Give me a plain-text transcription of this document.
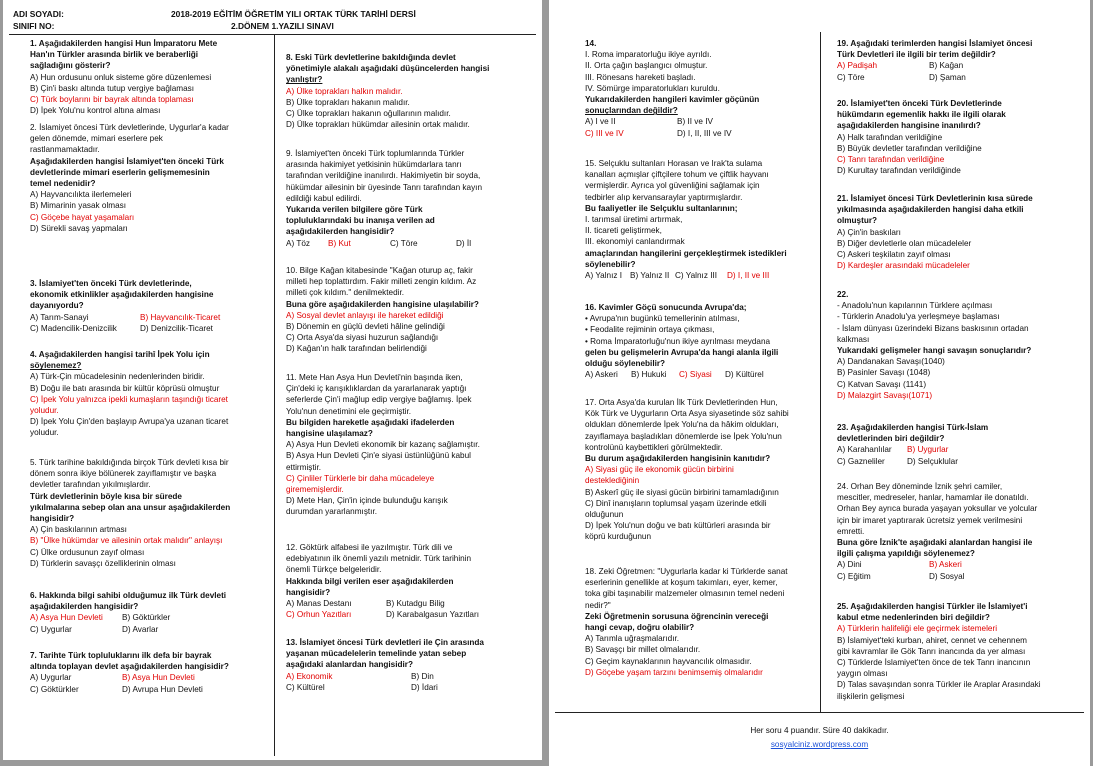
ADI SOYADI:
SINIFI NO:
2018-2019 EĞİTİM ÖĞRETİM YILI ORTAK TÜRK TARİHİ DERSİ
2.DÖNEM 1.YAZILI SINAVI
1. Aşağıdakilerden hangisi Hun İmparatoru Mete
Han'ın Türkler arasında birlik ve beraberliği
sağladığını gösterir?
A) Hun ordusunu onluk sisteme göre düzenlemesi
B) Çin'i baskı altında tutup vergiye bağlaması
C) Türk boylarını bir bayrak altında toplaması
D) İpek Yolu'nu kontrol altına alması
2. İslamiyet öncesi Türk devletlerinde, Uygurlar'a kadar
gelen dönemde, mimari eserlere pek
rastlanmamaktadır.
Aşağıdakilerden hangisi İslamiyet'ten önceki Türk
devletlerinde mimari eserlerin gelişmemesinin
temel nedenidir?
A) Hayvancılıkta ilerlemeleri
B) Mimarinin yasak olması
C) Göçebe hayat yaşamaları
D) Sürekli savaş yapmaları
3. İslamiyet'ten önceki Türk devletlerinde,
ekonomik etkinlikler aşağıdakilerden hangisine
dayanıyordu?
A) Tarım-Sanayi	B) Hayvancılık-Ticaret
C) Madencilik-Denizcilik	D) Denizcilik-Ticaret
4. Aşağıdakilerden hangisi tarihî İpek Yolu için
söylenemez?
A) Türk-Çin mücadelesinin nedenlerinden biridir.
B) Doğu ile batı arasında bir kültür köprüsü olmuştur
C) İpek Yolu yalnızca ipekli kumaşların taşındığı ticaret
yoludur.
D) İpek Yolu Çin'den başlayıp Avrupa'ya uzanan ticaret
yoludur.
5. Türk tarihine bakıldığında birçok Türk devleti kısa bir
dönem sonra ikiye bölünerek zayıflamıştır ve başka
devletler tarafından yıkılmışlardır.
Türk devletlerinin böyle kısa bir sürede
yıkılmalarına sebep olan ana unsur aşağıdakilerden
hangisidir?
A) Çin baskılarının artması
B) "Ülke hükümdar ve ailesinin ortak malıdır" anlayışı
C) Ülke ordusunun zayıf olması
D) Türklerin savaşçı özelliklerinin olması
6. Hakkında bilgi sahibi olduğumuz ilk Türk devleti
aşağıdakilerden hangisidir?
A) Asya Hun Devleti	B) Göktürkler
C) Uygurlar	D) Avarlar
7. Tarihte Türk topluluklarını ilk defa bir bayrak
altında toplayan devlet aşağıdakilerden hangisidir?
A) Uygurlar	B) Asya Hun Devleti
C) Göktürkler	D) Avrupa Hun Devleti
8. Eski Türk devletlerine bakıldığında devlet
yönetimiyle alakalı aşağıdaki düşüncelerden hangisi
yanlıştır?
A) Ülke toprakları halkın malıdır.
B) Ülke toprakları hakanın malıdır.
C) Ülke toprakları hakanın oğullarının malıdır.
D) Ülke toprakları hükümdar ailesinin ortak malıdır.
9. İslamiyet'ten önceki Türk toplumlarında Türkler
arasında hakimiyet yetkisinin hükümdarlara tanrı
tarafından verildiğine inanılırdı. Hakimiyetin bir soyda,
hükümdar ailesinin bir üyesinde Tanrı tarafından kayın
edildiği kabul edilirdi.
Yukarıda verilen bilgilere göre Türk
topluluklarındaki bu inanışa verilen ad
aşağıdakilerden hangisidir?
A) Töz	B) Kut	C) Töre	D) İl
10. Bilge Kağan kitabesinde "Kağan oturup aç, fakir
milleti hep toplattırdım. Fakir milleti zengin kıldım. Az
milleti çok kıldım." denilmektedir.
Buna göre aşağıdakilerden hangisine ulaşılabilir?
A) Sosyal devlet anlayışı ile hareket edildiği
B) Dönemin en güçlü devleti hâline gelindiği
C) Orta Asya'da siyasi huzurun sağlandığı
D) Kağan'ın halk tarafından belirlendiği
11. Mete Han Asya Hun Devleti'nin başında iken,
Çin'deki iç karışıklıklardan da yararlanarak yaptığı
seferlerde Çin'i mağlup edip vergiye bağlamış. İpek
Yolu'nun denetimini ele geçirmiştir.
Bu bilgiden hareketle aşağıdaki ifadelerden
hangisine ulaşılamaz?
A) Asya Hun Devleti ekonomik bir kazanç sağlamıştır.
B) Asya Hun Devleti Çin'e siyasi üstünlüğünü kabul
ettirmiştir.
C) Çinliler Türklerle bir daha mücadeleye
girememişlerdir.
D) Mete Han, Çin'in içinde bulunduğu karışık
durumdan yararlanmıştır.
12. Göktürk alfabesi ile yazılmıştır. Türk dili ve
edebiyatının ilk önemli yazılı metnidir. Türk tarihinin
önemli Türkçe belgeleridir.
Hakkında bilgi verilen eser aşağıdakilerden
hangisidir?
A) Manas Destanı	B) Kutadgu Bilig
C) Orhun Yazıtları	D) Karabalgasun Yazıtları
13. İslamiyet öncesi Türk devletleri ile Çin arasında
yaşanan mücadelelerin temelinde yatan sebep
aşağıdaki alanlardan hangisidir?
A) Ekonomik	B) Din
C) Kültürel	D) İdari
14.
I. Roma imparatorluğu ikiye ayrıldı.
II. Orta çağın başlangıcı olmuştur.
III. Rönesans hareketi başladı.
IV. Sömürge imparatorlukları kuruldu.
Yukarıdakilerden hangileri kavimler göçünün
sonuçlarından değildir?
A) I ve II	B) II ve IV
C) III ve IV	D) I, II, III ve IV
15. Selçuklu sultanları Horasan ve Irak'ta sulama
kanalları açmışlar çiftçilere tohum ve çiftlik hayvanı
vermişlerdir. Ayrıca yol güvenliğini sağlamak için
tedbirler alıp kervansaraylar yaptırmışlardır.
Bu faaliyetler ile Selçuklu sultanlarının;
I. tarımsal üretimi artırmak,
II. ticareti geliştirmek,
III. ekonomiyi canlandırmak
amaçlarından hangilerini gerçekleştirmek istedikleri
söylenebilir?
A) Yalnız I B) Yalnız II C) Yalnız III	D) I, II ve III
16. Kavimler Göçü sonucunda Avrupa'da;
• Avrupa'nın bugünkü temellerinin atılması,
• Feodalite rejiminin ortaya çıkması,
• Roma İmparatorluğu'nun ikiye ayrılması meydana
gelen bu gelişmelerin Avrupa'da hangi alanla ilgili
olduğu söylenebilir?
A) Askeri	B) Hukuki	C) Siyasi	D) Kültürel
17. Orta Asya'da kurulan İlk Türk Devletlerinden Hun,
Kök Türk ve Uygurların Orta Asya siyasetinde söz sahibi
oldukları dönemlerde İpek Yolu'na da hâkim oldukları,
zayıflamaya başladıkları dönemlerde ise İpek Yolu'nun
kontrolünü kaybettikleri görülmektedir.
Bu durum aşağıdakilerden hangisinin kanıtıdır?
A) Siyasi güç ile ekonomik gücün birbirini
desteklediğinin
B) Askerî güç ile siyasi gücün birbirini tamamladığının
C) Dinî inanışların toplumsal yaşam üzerinde etkili
olduğunun
D) İpek Yolu'nun doğu ve batı kültürleri arasında bir
köprü kurduğunun
18. Zeki Öğretmen: "Uygurlarla kadar ki Türklerde sanat
eserlerinin genellikle at koşum takımları, eyer, kemer,
toka gibi taşınabilir malzemeler olmasının temel nedeni
nedir?"
Zeki Öğretmenin sorusuna öğrencinin vereceği
hangi cevap, doğru olabilir?
A) Tarımla uğraşmalarıdır.
B) Savaşçı bir millet olmalarıdır.
C) Geçim kaynaklarının hayvancılık olmasıdır.
D) Göçebe yaşam tarzını benimsemiş olmalarıdır
19. Aşağıdaki terimlerden hangisi İslamiyet öncesi
Türk Devletleri ile ilgili bir terim değildir?
A) Padişah	B) Kağan
C) Töre	D) Şaman
20. İslamiyet'ten önceki Türk Devletlerinde
hükümdarın egemenlik hakkı ile ilgili olarak
aşağıdakilerden hangisine inanılırdı?
A) Halk tarafından verildiğine
B) Büyük devletler tarafından verildiğine
C) Tanrı tarafından verildiğine
D) Kurultay tarafından verildiğinde
21. İslamiyet öncesi Türk Devletlerinin kısa sürede
yıkılmasında aşağıdakilerden hangisi daha etkili
olmuştur?
A) Çin'in baskıları
B) Diğer devletlerle olan mücadeleler
C) Askeri teşkilatın zayıf olması
D) Kardeşler arasındaki mücadeleler
22.
- Anadolu'nun kapılarının Türklere açılması
- Türklerin Anadolu'ya yerleşmeye başlaması
- İslam dünyası üzerindeki Bizans baskısının ortadan
kalkması
Yukarıdaki gelişmeler hangi savaşın sonuçlarıdır?
A) Dandanakan Savaşı(1040)
B) Pasinler Savaşı (1048)
C) Katvan Savaşı (1141)
D) Malazgirt Savaşı(1071)
23. Aşağıdakilerden hangisi Türk-İslam
devletlerinden biri değildir?
A) Karahanlılar	B) Uygurlar
C) Gazneliler	D) Selçuklular
24. Orhan Bey döneminde İznik şehri camiler,
mescitler, medreseler, hanlar, hamamlar ile donatıldı.
Orhan Bey ayrıca burada yaşayan yoksullar ve yolcular
için bir imaret yaptırarak ücretsiz yemek verilmesini
emretti.
Buna göre İznik'te aşağıdaki alanlardan hangisi ile
ilgili çalışma yapıldığı söylenemez?
A) Dini	B) Askeri
C) Eğitim	D) Sosyal
25. Aşağıdakilerden hangisi Türkler ile İslamiyet'i
kabul etme nedenlerinden biri değildir?
A) Türklerin halifeliği ele geçirmek istemeleri
B) İslamiyet'teki kurban, ahiret, cennet ve cehennem
gibi kavramlar ile Gök Tanrı inancında da yer alması
C) Türklerde İslamiyet'ten önce de tek Tanrı inancının
yaygın olması
D) Talas savaşından sonra Türkler ile Araplar Arasındaki
ilişkilerin gelişmesi
Her soru 4 puandır. Süre 40 dakikadır.
sosyalciniz.wordpress.com
